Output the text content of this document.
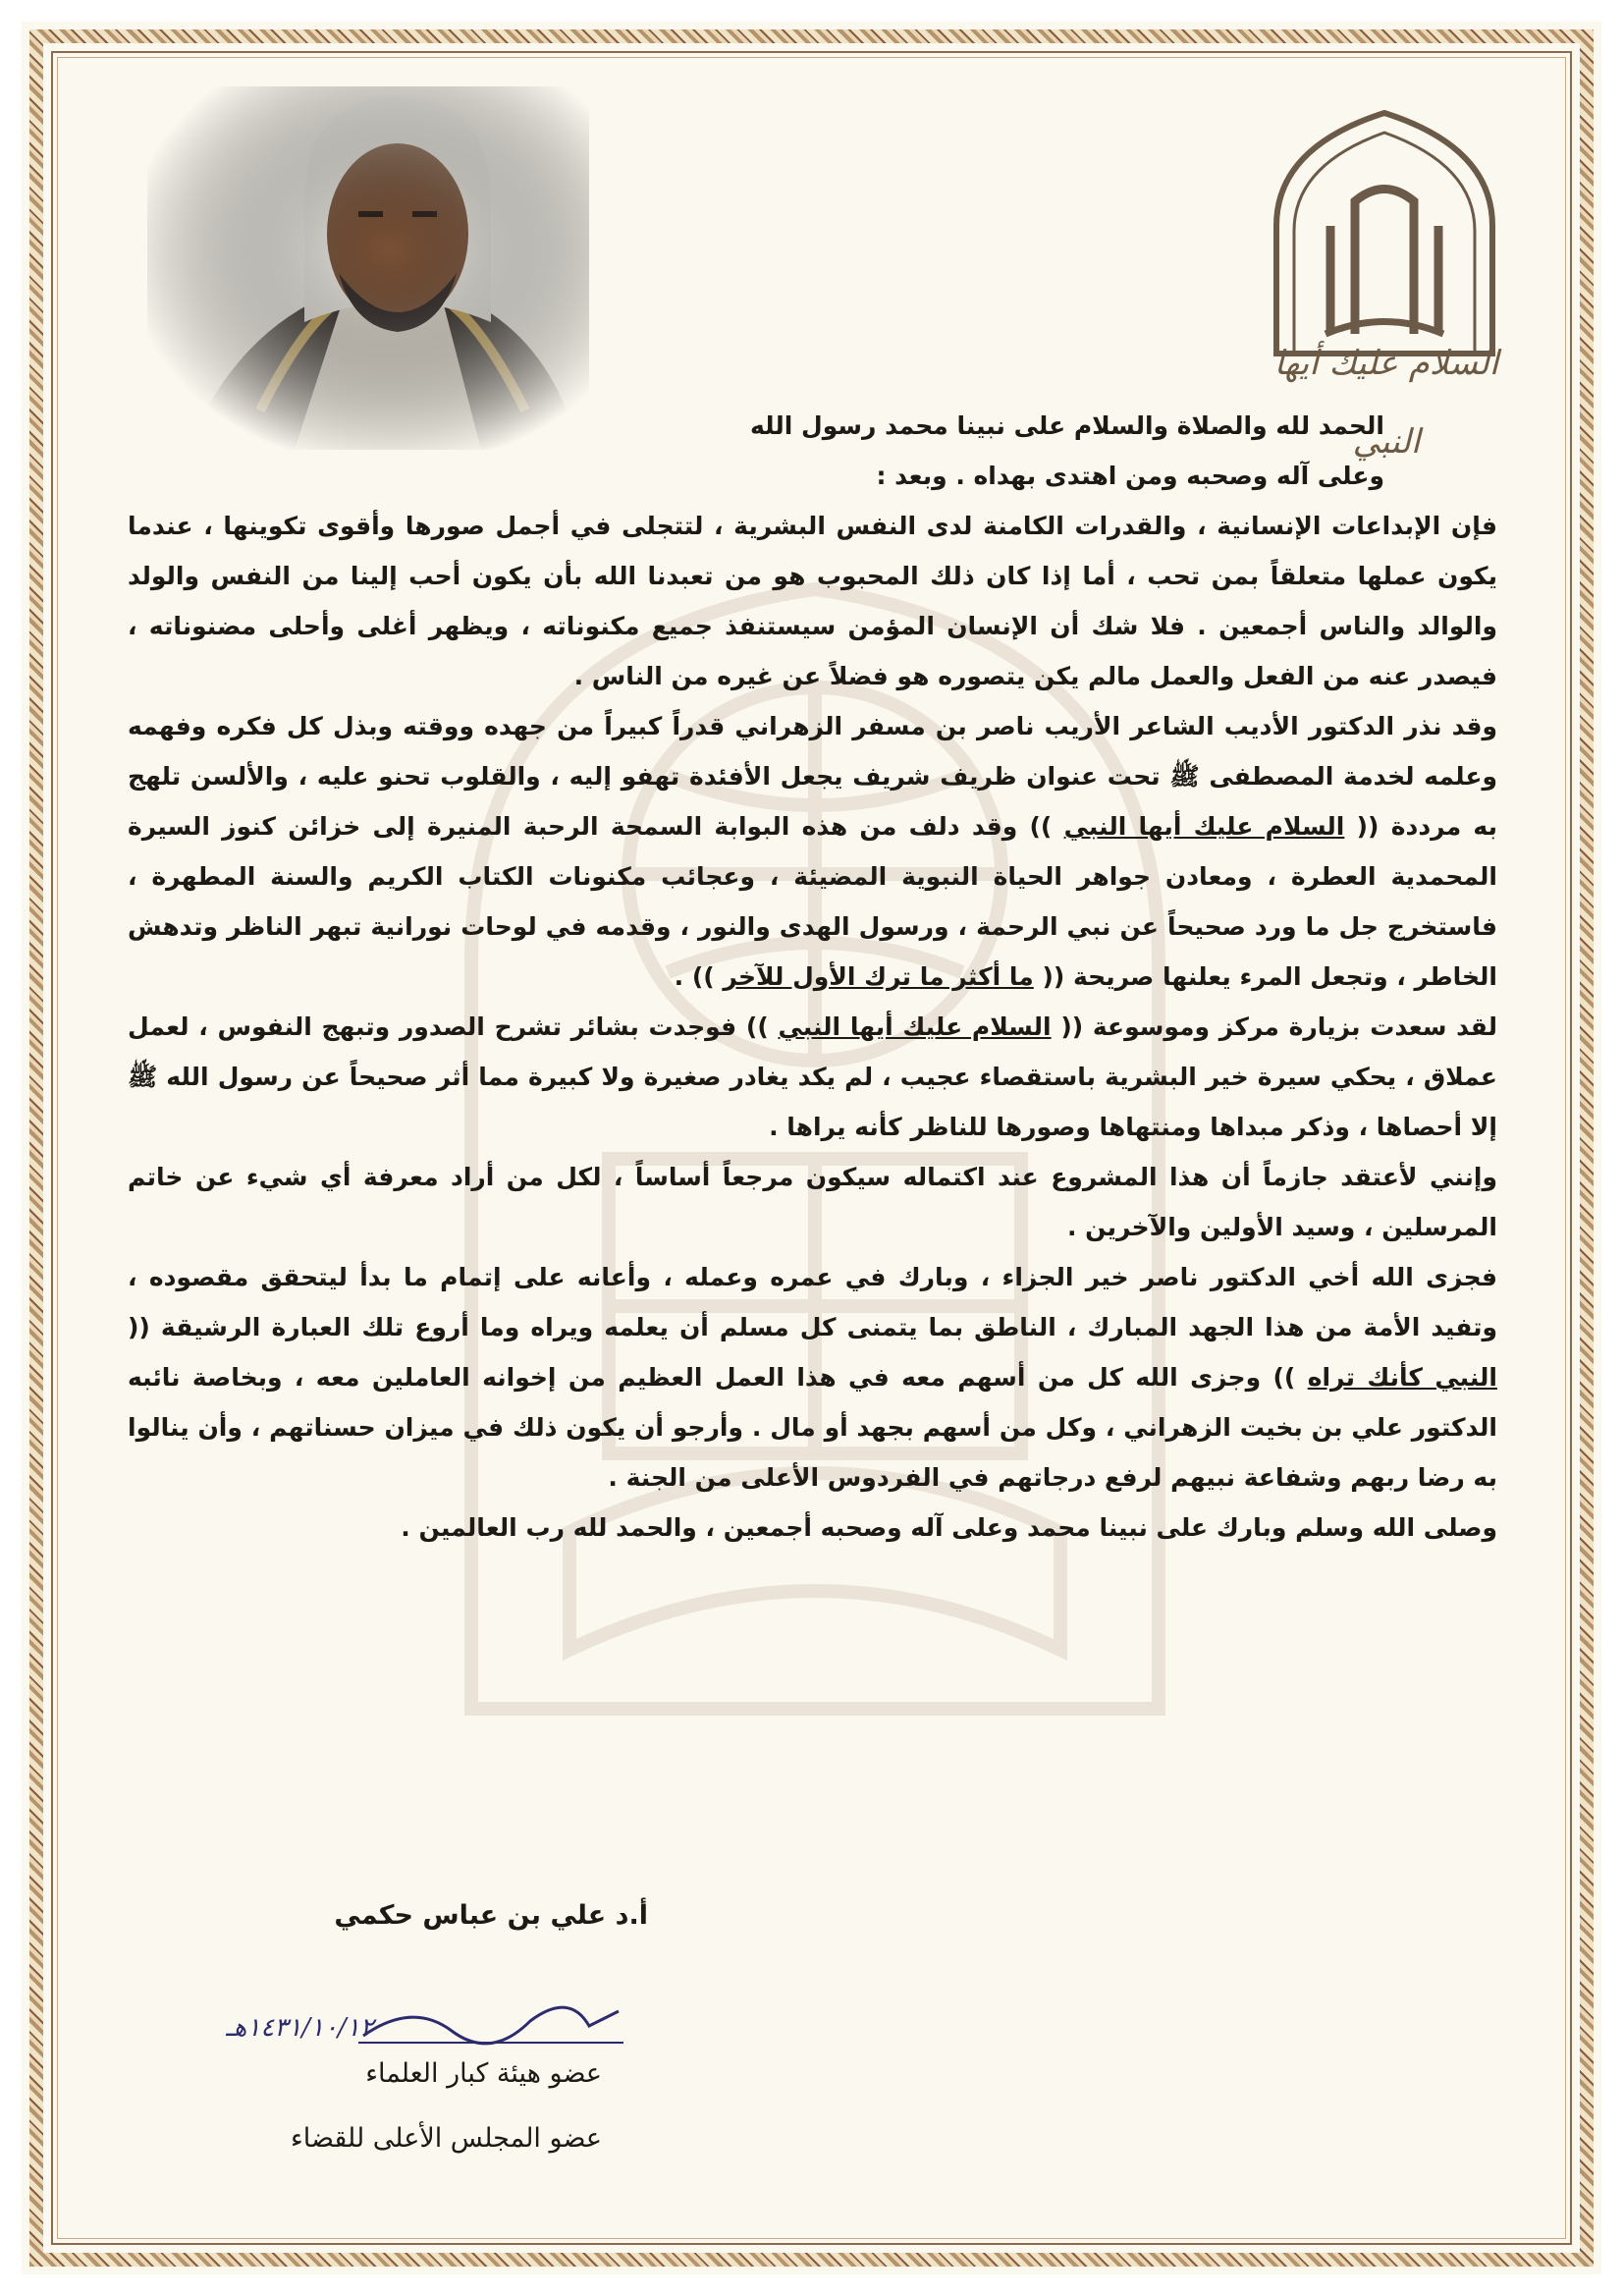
السلام عليك أيها النبي

الحمد لله والصلاة والسلام على نبينا محمد رسول الله

وعلى آله وصحبه ومن اهتدى بهداه . وبعد :

فإن الإبداعات الإنسانية ، والقدرات الكامنة لدى النفس البشرية ، لتتجلى في أجمل صورها وأقوى تكوينها ، عندما يكون عملها متعلقاً بمن تحب ، أما إذا كان ذلك المحبوب هو من تعبدنا الله بأن يكون أحب إلينا من النفس والولد والوالد والناس أجمعين . فلا شك أن الإنسان المؤمن سيستنفذ جميع مكنوناته ، ويظهر أغلى وأحلى مضنوناته ، فيصدر عنه من الفعل والعمل مالم يكن يتصوره هو فضلاً عن غيره من الناس .

وقد نذر الدكتور الأديب الشاعر الأريب ناصر بن مسفر الزهراني قدراً كبيراً من جهده ووقته وبذل كل فكره وفهمه وعلمه لخدمة المصطفى ﷺ تحت عنوان ظريف شريف يجعل الأفئدة تهفو إليه ، والقلوب تحنو عليه ، والألسن تلهج به مرددة (( السلام عليك أيها النبي )) وقد دلف من هذه البوابة السمحة الرحبة المنيرة إلى خزائن كنوز السيرة المحمدية العطرة ، ومعادن جواهر الحياة النبوية المضيئة ، وعجائب مكنونات الكتاب الكريم والسنة المطهرة ، فاستخرج جل ما ورد صحيحاً عن نبي الرحمة ، ورسول الهدى والنور ، وقدمه في لوحات نورانية تبهر الناظر وتدهش الخاطر ، وتجعل المرء يعلنها صريحة (( ما أكثر ما ترك الأول للآخر )) .

لقد سعدت بزيارة مركز وموسوعة (( السلام عليك أيها النبي )) فوجدت بشائر تشرح الصدور وتبهج النفوس ، لعمل عملاق ، يحكي سيرة خير البشرية باستقصاء عجيب ، لم يكد يغادر صغيرة ولا كبيرة مما أثر صحيحاً عن رسول الله ﷺ إلا أحصاها ، وذكر مبداها ومنتهاها وصورها للناظر كأنه يراها .

وإنني لأعتقد جازماً أن هذا المشروع عند اكتماله سيكون مرجعاً أساساً ، لكل من أراد معرفة أي شيء عن خاتم المرسلين ، وسيد الأولين والآخرين .

فجزى الله أخي الدكتور ناصر خير الجزاء ، وبارك في عمره وعمله ، وأعانه على إتمام ما بدأ ليتحقق مقصوده ، وتفيد الأمة من هذا الجهد المبارك ، الناطق بما يتمنى كل مسلم أن يعلمه ويراه وما أروع تلك العبارة الرشيقة (( النبي كأنك تراه )) وجزى الله كل من أسهم معه في هذا العمل العظيم من إخوانه العاملين معه ، وبخاصة نائبه الدكتور علي بن بخيت الزهراني ، وكل من أسهم بجهد أو مال . وأرجو أن يكون ذلك في ميزان حسناتهم ، وأن ينالوا به رضا ربهم وشفاعة نبيهم لرفع درجاتهم في الفردوس الأعلى من الجنة .

وصلى الله وسلم وبارك على نبينا محمد وعلى آله وصحبه أجمعين ، والحمد لله رب العالمين .

أ.د علي بن عباس حكمي
١٤٣١/١٠/١٢هـ
عضو هيئة كبار العلماء
عضو المجلس الأعلى للقضاء
